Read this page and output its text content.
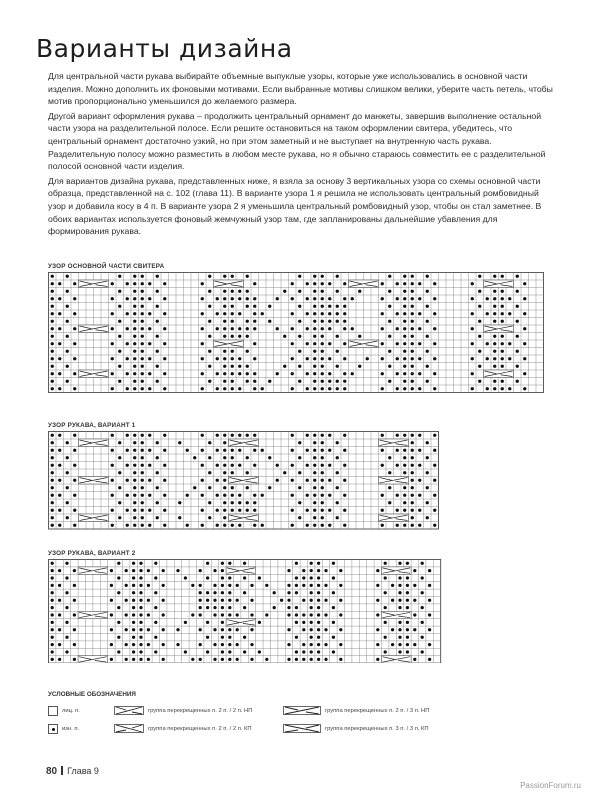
Варианты дизайна

Для центральной части рукава выбирайте объемные выпуклые узоры, которые уже использовались в основной части изделия. Можно дополнить их фоновыми мотивами. Если выбранные мотивы слишком велики, уберите часть петель, чтобы мотив пропорционально уменьшился до желаемого размера.

Другой вариант оформления рукава – продолжить центральный орнамент до манжеты, завершив выполнение остальной части узора на разделительной полосе. Если решите остановиться на таком оформлении свитера, убедитесь, что центральный орнамент достаточно узкий, но при этом заметный и не выступает на внутренную часть рукава. Разделительную полосу можно разместить в любом месте рукава, но я обычно стараюсь совместить ее с разделительной полосой основной части изделия.

Для вариантов дизайна рукава, представленных ниже, я взяла за основу 3 вертикальных узора со схемы основной части образца, представленной на с. 102 (глава 11). В варианте узора 1 я решила не использовать центральный ромбовидный узор и добавила косу в 4 п. В варианте узора 2 я уменьшила центральный ромбовидный узор, чтобы он стал заметнее. В обоих вариантах используется фоновый жемчужный узор там, где запланированы дальнейшие убавления для формирования рукава.

УЗОР ОСНОВНОЙ ЧАСТИ СВИТЕРА
УЗОР РУКАВА, ВАРИАНТ 1
УЗОР РУКАВА, ВАРИАНТ 2
УСЛОВНЫЕ ОБОЗНАЧЕНИЯ
лиц. п.
изн. п.
группа перекрещенных п. 2 п. / 2 п. НП
группа перекрещенных п. 2 п. / 2 п. КП
группа перекрещенных п. 2 п. / 3 п. НП
группа перекрещенных п. 3 п. / 3 п. КП
80 Глава 9
PassionForum.ru
